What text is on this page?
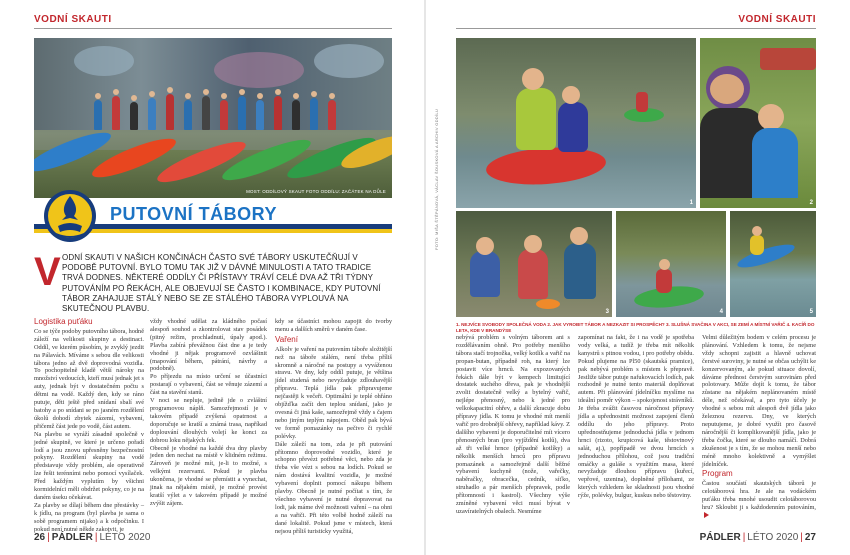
VODNÍ SKAUTI
MOST: ODDÍLOVÝ SKAUT FOTO ODDÍLU: ZAČÁTEK NA DŮLE
PUTOVNÍ TÁBORY
V ODNÍ SKAUTI V NAŠICH KONČINÁCH ČASTO SVÉ TÁBORY USKUTEČŇUJÍ V PODOBĚ PUTOVNÍ. BYLO TOMU TAK JIŽ V DÁVNÉ MINULOSTI A TATO TRADICE TRVÁ DODNES. NĚKTERÉ ODDÍLY ČI PŘÍSTAVY TRÁVÍ CELÉ DVA AŽ TŘI TÝDNY PUTOVÁNÍM PO ŘEKÁCH, ALE OBJEVUJÍ SE ČASTO I KOMBINACE, KDY PUTOVNÍ TÁBOR ZAHAJUJE STÁLÝ NEBO SE ZE STÁLÉHO TÁBORA VYPLOUVÁ NA SKUTEČNOU PLAVBU.
Logistika puťáku

Co se týče podoby putovního tábora, hodně záleží na velikosti skupiny a destinaci. Oddíl, ve kterém působím, je zvyklý jezdit na Pálavách. Míváme s sebou dle velikosti tábora jedno až dvě doprovodná vozidla. To pochopitelně kladě větší nároky na množství vedoucích, kteří musí jednak jet s auty, jednak být v dostatečném počtu s dětmi na vodě. Každý den, kdy se ráno putuje, děti ještě před snídaní sbalí své batohy a po snídani se po jasném rozdělení úkolů dohodí zbytek zázemí, vybavení, přičemž část jede po vodě, část autem.

Na plavbu se vyráží zásadně společně v jedné skupině, ve které je určeno pořadí lodí a jsou znovu upřesněny bezpečnostní pokyny. Rozdělení skupiny na vodě představuje vždy problém, ale operativně lze řešit terénními nebo pomocí vysílaček. Před každým vyplutím by všichni kormidelníci měli obdržet pokyny, co je na daném úseku očekávat.

Za plavby se dílají během dne přestávky – k jídlu, na program (byl plavba je sama o sobě programem nijako) a k odpočinku. I pokud není nutné někde zakotvit, je

vždy vhodné udělat za kládného počasí alespoň souhod a zkontrolovat stav posádek (pitný režim, prochladnutí, úpaly apod.). Plavba zabírá převážnou část dne a je tedy vhodné ji nějak programově ozvláštnit (mapování během, pátrání, návrhy a podobně).

Po příjezdu na místo určení se účastníci postarají o vybavení, část se věnuje zázemí a část na stavění stanů.

V noci se nepluje, jedině jde o zvláštní programovou náplň. Samozřejmostí je v takovém případě zvýšená opatrnost a doporučuje se kratší a známá trasa, napříkad doplouvání dlouhých volejí ke konci za dobrou loku nějakých fek.

Obecně je vhodné na každé dva dny plavby jeden den nechat na místě v klidném režimu. Zároveň je možné mít, je-li to možné, s velkými rezervami. Pokud je plavba ukončena, je vhodné se přemístit a vynechat, jinak na nějakém místě, je možné provést kratší výlet a v takovém případě je možné zvýšit zájem.

kdy se účastníci mohou zapojit do tvorby menu a dalších směrů v daném čase.

Vaření

Alkolv je vaření na putovním táboře složitější než na táboře stálém, není třeba příliš skromně a náročné na postupy a vyváženou stravu. Ve dny, kdy oddíl putuje, je většina jídel studená nebo nevyžaduje zdlouhavější přípravu. Teplá jídla pak připravujeme nejčastěji k večeři. Optimální je teplé ohřáno objížďka začít den teplou snídaní, jako je ovesná či jiná kaše, samozřejmě vždy s čajem nebo jiným teplým nápojem. Oběd pak bývá ve formě pomazánky na pečivo či rychlé polévky.

Dále záleží na tom, zda je při putování přítomno doprovodné vozidlo, které je schopno převézt potřebné věci, nebo zda je třeba vše vézt s sebou na lodích. Pokud se nám dostává kvalitní vozidla, je možné vybavení doplnit pomocí nákupu během plavby. Obecně je nutné počítat s tím, že všechno vybavení je nutné dopravovat na lodi, jak máme dvě možnosti vaření – na ohni a na vařiči. Při této volbě hodně záleží na dané lokalitě. Pokud jsme v místech, která nejsou příliš turisticky využitá,

26 | PÁDLER | LÉTO 2020
VODNÍ SKAUTI
FOTO: MIŠA ŠTĚPÁNOVÁ, VÁCLAV ŠOUSKOVÁ A ARCHIV ODDÍLU	1	2
3	4	5
1. NEJVÍCE SVOBODY SPOLEČNÁ VODA 2. JAK VYROBIT TÁBOR A NEZKAZIT SI PROSPĚCH? 3. SLUŠNÁ SVAČINA V AKCI, SE ZEMÍ A MÍSTNÍ VAŘIČ 4. KACÍŘ DO LETA, KDE V BRANDÝSE

nebývá problém s volným táborem ani s rozdělávaním ohně. Pro potřeby menšího tábora stačí trojnožka, velký kotlík a vařič na propan-butan, případně roh, na který lze postavit více hrnců. Na expozovaných řekách dále být v kempech limitující dostatek suchého dřeva, pak je vhodnější zvolit dostatečně velký a bytelný vařič, nejlépe přenosný, nebo k jedné pro velkokapacitní ohřev, a další zkracuje dobu přípravy jídla. K tomu je vhodné mít menší vařič pro drobnější ohřevy, například kávy. Z dalšího vybavení je doporučitelné mít vícero přenosných bran (pro vyjíždění kotlů), dva až tři velké hrnce (případně kotlíky) a několik menších hrnců pro přípravu pomazánek a samozřejmě další běžné vybavení kuchyně (nože, vařečky, naběračky, obracečka, cedník, síťko, struhadlo a pár menších přepravek, podle přítomností i kastrol). Všechny výše zmíněné vybavení věci musí bývat v uzavíratelných obalech. Nesmíme

zapomínat na fakt, že i na vodě je spotřeba vody velká, a tudíž je třeba mít několik kanystrů s pitnou vodou, i pro potřeby obědu. Pokud plujeme na Pl50 (skautská pramice), pak nebývá problém s místem k přepravě. Jestliže tábor putuje nafukovacích lodích, pak rozhodně je nutné tento materiál doplňovat autem. Při plánování jídelníčku myslíme na ideální poměr výkon – spokojenost strávníků. Je třeba zvážit časovou náročnost přípravy jídla a upřednostnit možnost zapojení členů oddílu do jeho přípravy. Proto upřednostňujeme jednoduchá jídla v jednom hrnci (rizoto, krupicová kaše, těstovinový salát, aj.), popřípadě ve dvou hrncích s jednoduchou přílohou, což jsou tradiční omáčky a guláše s využitím masa, které nevyžaduje dlouhou přípravu (kuřecí, vepřové, uzenina), doplněné přílohami, ze kterých vzhledem ke skladnosti jsou vhodné rýže, polévky, bulgur, kuskus nebo těstoviny.

Velmi důležitým bodem v celém procesu je plánování. Vzhledem k tomu, že nejsme vždy schopni zajistit a hlavně uchovat čerstvé suroviny, je nutné se občas uchýlit ke konzervovaným, ale pokud situace dovolí, dáváme přednost čerstvým surovinám před polotovary. Může dojít k tomu, že tábor zůstane na nějakém neplánovaném místě déle, než očekával, a pro tyto účely je vhodné s sebou mít alespoň dvě jídla jako železnou rezervu. Dny, ve kterých neputujeme, je dobré využít pro časově náročnější či komplikovanější jídla, jako je třeba čočka, které se dlouho namáčí. Dobrá zkušenost je s tím, že se mohou menší nebo méně mnoho kolektivně a vymýšlet jídelníček.

Program

Častou součástí skautských táborů je celotáborová hra. Je ale na vodáckém puťáku třeba mnohé usoudit celotáborovou hru? Skloubit ji s každodenním putováním,

PÁDLER | LÉTO 2020 | 27
